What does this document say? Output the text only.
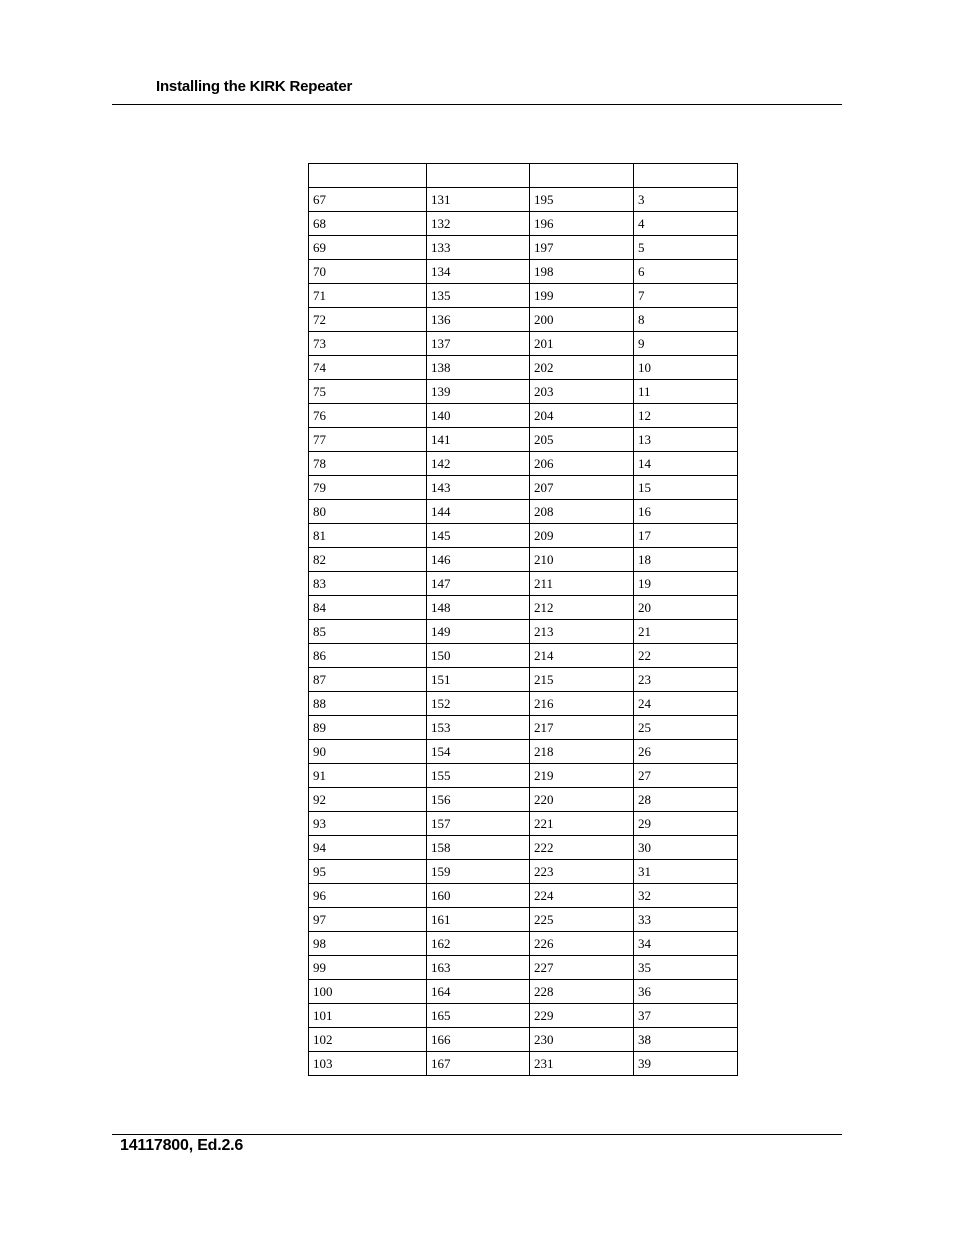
Installing the KIRK Repeater

67	131	195	3
68	132	196	4
69	133	197	5
70	134	198	6
71	135	199	7
72	136	200	8
73	137	201	9
74	138	202	10
75	139	203	11
76	140	204	12
77	141	205	13
78	142	206	14
79	143	207	15
80	144	208	16
81	145	209	17
82	146	210	18
83	147	211	19
84	148	212	20
85	149	213	21
86	150	214	22
87	151	215	23
88	152	216	24
89	153	217	25
90	154	218	26
91	155	219	27
92	156	220	28
93	157	221	29
94	158	222	30
95	159	223	31
96	160	224	32
97	161	225	33
98	162	226	34
99	163	227	35
100	164	228	36
101	165	229	37
102	166	230	38
103	167	231	39
14117800, Ed.2.6
